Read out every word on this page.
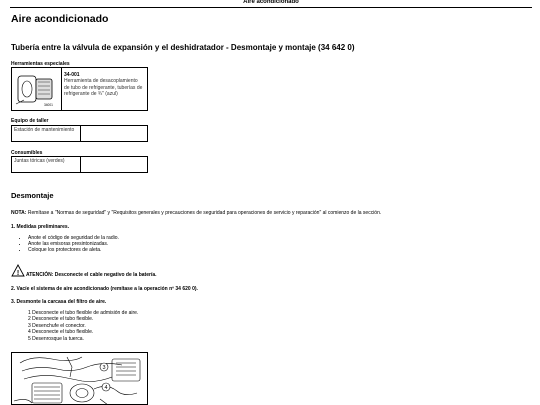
Aire acondicionado
Aire acondicionado
Tubería entre la válvula de expansión y el deshidratador - Desmontaje y montaje (34 642 0)
Herramientas especiales
34001
34-001
Herramienta de desacoplamiento de tubo de refrigerante, tuberías de refrigerante de ¾" (azul)
Equipo de taller
Estación de mantenimiento
Consumibles
Juntas tóricas (verdes)
Desmontaje
NOTA: Remítase a "Normas de seguridad" y "Requisitos generales y precauciones de seguridad para operaciones de servicio y reparación" al comienzo de la sección.
1. Medidas preliminares.
• Anote el código de seguridad de la radio.
• Anote las emisoras presintonizadas.
• Coloque los protectores de aleta.
! ATENCIÓN: Desconecte el cable negativo de la batería.
2. Vacíe el sistema de aire acondicionado (remítase a la operación nº 34 620 0).
3. Desmonte la carcasa del filtro de aire.
1 Desconecte el tubo flexible de admisión de aire.
2 Desconecte el tubo flexible.
3 Desenchufe el conector.
4 Desconecte el tubo flexible.
5 Desenrosque la tuerca.
3
4
